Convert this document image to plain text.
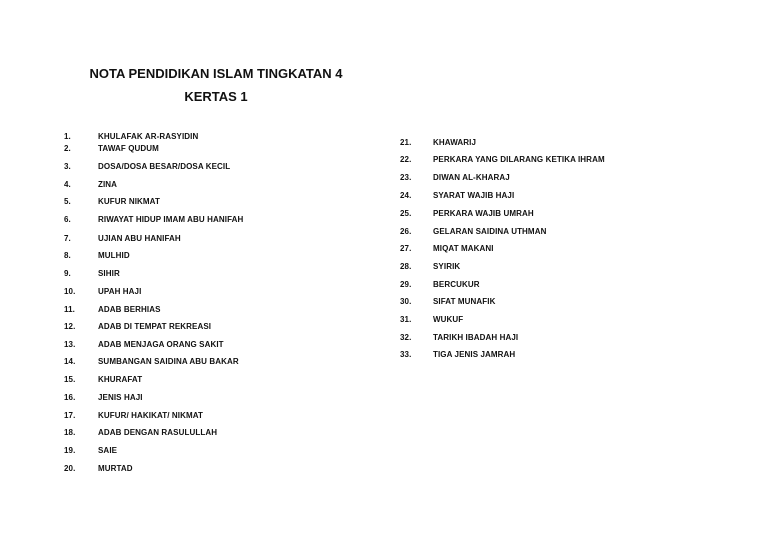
NOTA PENDIDIKAN ISLAM TINGKATAN 4
KERTAS 1
1.	KHULAFAK AR-RASYIDIN
2.	TAWAF QUDUM
3.	DOSA/DOSA BESAR/DOSA KECIL
4.	ZINA
5.	KUFUR NIKMAT
6.	RIWAYAT HIDUP IMAM ABU HANIFAH
7.	UJIAN ABU HANIFAH
8.	MULHID
9.	SIHIR
10.	UPAH HAJI
11.	ADAB BERHIAS
12.	ADAB DI TEMPAT REKREASI
13.	ADAB MENJAGA ORANG SAKIT
14.	SUMBANGAN SAIDINA ABU BAKAR
15.	KHURAFAT
16.	JENIS HAJI
17.	KUFUR/ HAKIKAT/ NIKMAT
18.	ADAB DENGAN RASULULLAH
19.	SAIE
20.	MURTAD
21.	KHAWARIJ
22.	PERKARA YANG DILARANG KETIKA IHRAM
23.	DIWAN AL-KHARAJ
24.	SYARAT WAJIB HAJI
25.	PERKARA WAJIB UMRAH
26.	GELARAN SAIDINA UTHMAN
27.	MIQAT MAKANI
28.	SYIRIK
29.	BERCUKUR
30.	SIFAT MUNAFIK
31.	WUKUF
32.	TARIKH IBADAH HAJI
33.	TIGA JENIS JAMRAH
